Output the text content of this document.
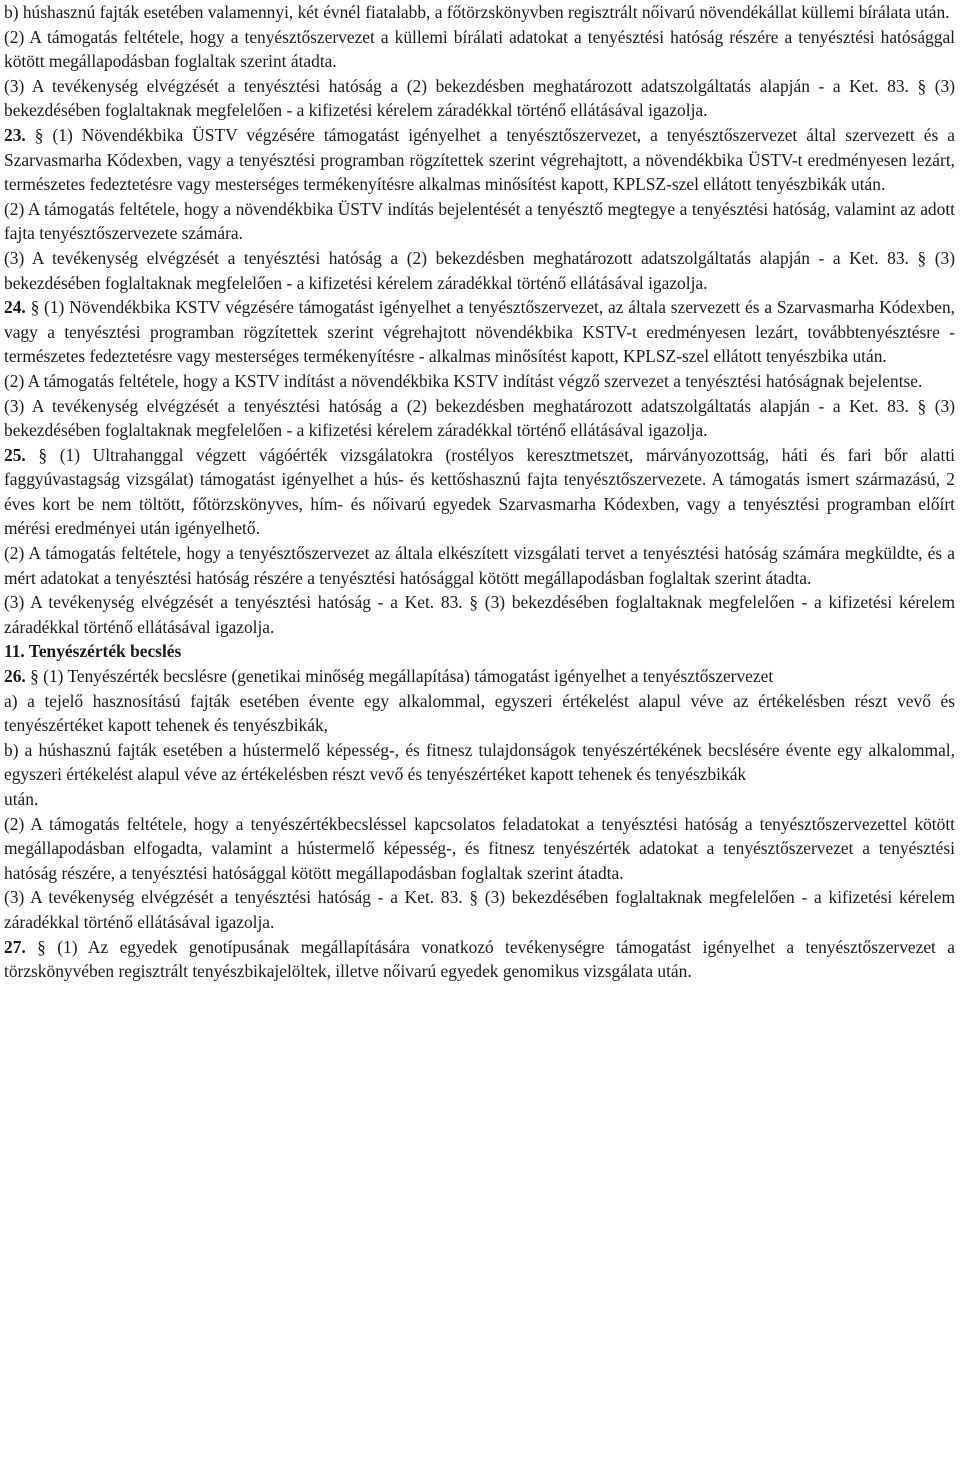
b) húshasznú fajták esetében valamennyi, két évnél fiatalabb, a főtörzskönyvben regisztrált nőivarú növendékállat küllemi bírálata után.

(2) A támogatás feltétele, hogy a tenyésztőszervezet a küllemi bírálati adatokat a tenyésztési hatóság részére a tenyésztési hatósággal kötött megállapodásban foglaltak szerint átadta.

(3) A tevékenység elvégzését a tenyésztési hatóság a (2) bekezdésben meghatározott adatszolgáltatás alapján - a Ket. 83. § (3) bekezdésében foglaltaknak megfelelően - a kifizetési kérelem záradékkal történő ellátásával igazolja.

23. § (1) Növendékbika ÜSTV végzésére támogatást igényelhet a tenyésztőszervezet, a tenyésztőszervezet által szervezett és a Szarvasmarha Kódexben, vagy a tenyésztési programban rögzítettek szerint végrehajtott, a növendékbika ÜSTV-t eredményesen lezárt, természetes fedeztetésre vagy mesterséges termékenyítésre alkalmas minősítést kapott, KPLSZ-szel ellátott tenyészbikák után.

(2) A támogatás feltétele, hogy a növendékbika ÜSTV indítás bejelentését a tenyésztő megtegye a tenyésztési hatóság, valamint az adott fajta tenyésztőszervezete számára.

(3) A tevékenység elvégzését a tenyésztési hatóság a (2) bekezdésben meghatározott adatszolgáltatás alapján - a Ket. 83. § (3) bekezdésében foglaltaknak megfelelően - a kifizetési kérelem záradékkal történő ellátásával igazolja.

24. § (1) Növendékbika KSTV végzésére támogatást igényelhet a tenyésztőszervezet, az általa szervezett és a Szarvasmarha Kódexben, vagy a tenyésztési programban rögzítettek szerint végrehajtott növendékbika KSTV-t eredményesen lezárt, továbbtenyésztésre - természetes fedeztetésre vagy mesterséges termékenyítésre - alkalmas minősítést kapott, KPLSZ-szel ellátott tenyészbika után.

(2) A támogatás feltétele, hogy a KSTV indítást a növendékbika KSTV indítást végző szervezet a tenyésztési hatóságnak bejelentse.

(3) A tevékenység elvégzését a tenyésztési hatóság a (2) bekezdésben meghatározott adatszolgáltatás alapján - a Ket. 83. § (3) bekezdésében foglaltaknak megfelelően - a kifizetési kérelem záradékkal történő ellátásával igazolja.

25. § (1) Ultrahanggal végzett vágóérték vizsgálatokra (rostélyos keresztmetszet, márványozottság, háti és fari bőr alatti faggyúvastagság vizsgálat) támogatást igényelhet a hús- és kettőshasznú fajta tenyésztőszervezete. A támogatás ismert származású, 2 éves kort be nem töltött, főtörzskönyves, hím- és nőivarú egyedek Szarvasmarha Kódexben, vagy a tenyésztési programban előírt mérési eredményei után igényelhető.

(2) A támogatás feltétele, hogy a tenyésztőszervezet az általa elkészített vizsgálati tervet a tenyésztési hatóság számára megküldte, és a mért adatokat a tenyésztési hatóság részére a tenyésztési hatósággal kötött megállapodásban foglaltak szerint átadta.

(3) A tevékenység elvégzését a tenyésztési hatóság - a Ket. 83. § (3) bekezdésében foglaltaknak megfelelően - a kifizetési kérelem záradékkal történő ellátásával igazolja.

11. Tenyészérték becslés

26. § (1) Tenyészérték becslésre (genetikai minőség megállapítása) támogatást igényelhet a tenyésztőszervezet

a) a tejelő hasznosítású fajták esetében évente egy alkalommal, egyszeri értékelést alapul véve az értékelésben részt vevő és tenyészértéket kapott tehenek és tenyészbikák,

b) a húshasznú fajták esetében a hústermelő képesség-, és fitnesz tulajdonságok tenyészértékének becslésére évente egy alkalommal, egyszeri értékelést alapul véve az értékelésben részt vevő és tenyészértéket kapott tehenek és tenyészbikák

után.

(2) A támogatás feltétele, hogy a tenyészértékbecsléssel kapcsolatos feladatokat a tenyésztési hatóság a tenyésztőszervezettel kötött megállapodásban elfogadta, valamint a hústermelő képesség-, és fitnesz tenyészérték adatokat a tenyésztőszervezet a tenyésztési hatóság részére, a tenyésztési hatósággal kötött megállapodásban foglaltak szerint átadta.

(3) A tevékenység elvégzését a tenyésztési hatóság - a Ket. 83. § (3) bekezdésében foglaltaknak megfelelően - a kifizetési kérelem záradékkal történő ellátásával igazolja.

27. § (1) Az egyedek genotípusának megállapítására vonatkozó tevékenységre támogatást igényelhet a tenyésztőszervezet a törzskönyvében regisztrált tenyészbikajelöltek, illetve nőivarú egyedek genomikus vizsgálata után.
